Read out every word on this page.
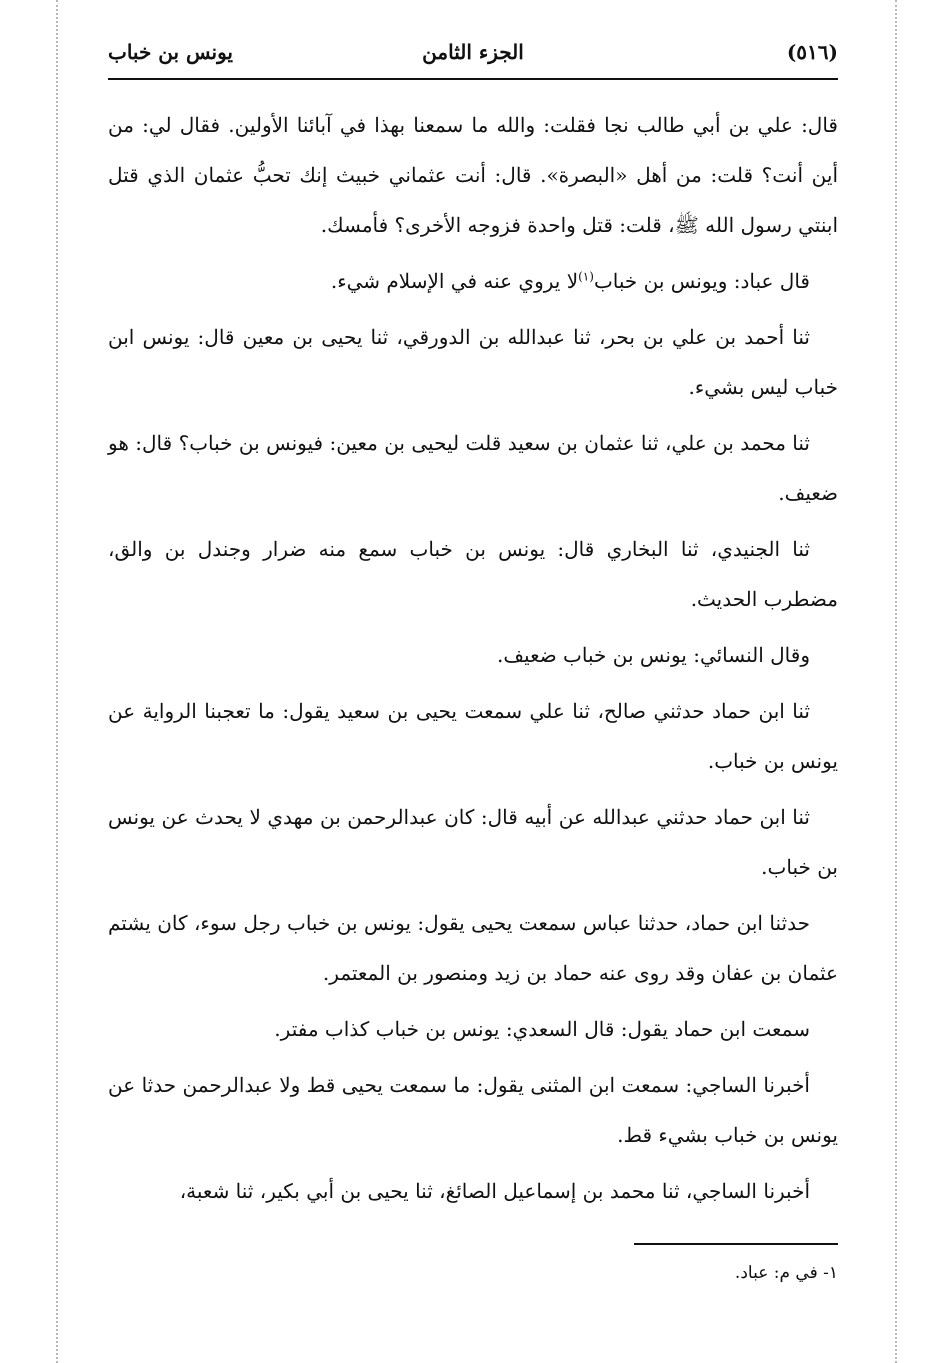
(٥١٦)
الجزء الثامن
يونس بن خباب

قال: علي بن أبي طالب نجا فقلت: والله ما سمعنا بهذا في آبائنا الأولين. فقال لي: من أين أنت؟ قلت: من أهل «البصرة». قال: أنت عثماني خبيث إنك تحبُّ عثمان الذي قتل ابنتي رسول الله ﷺ، قلت: قتل واحدة فزوجه الأخرى؟ فأمسك.

قال عباد: ويونس بن خباب$^{(١)}$لا يروي عنه في الإسلام شيء.

ثنا أحمد بن علي بن بحر، ثنا عبدالله بن الدورقي، ثنا يحيى بن معين قال: يونس ابن خباب ليس بشيء.

ثنا محمد بن علي، ثنا عثمان بن سعيد قلت ليحيى بن معين: فيونس بن خباب؟ قال: هو ضعيف.

ثنا الجنيدي، ثنا البخاري قال: يونس بن خباب سمع منه ضرار وجندل بن والق، مضطرب الحديث.

وقال النسائي: يونس بن خباب ضعيف.

ثنا ابن حماد حدثني صالح، ثنا علي سمعت يحيى بن سعيد يقول: ما تعجبنا الرواية عن يونس بن خباب.

ثنا ابن حماد حدثني عبدالله عن أبيه قال: كان عبدالرحمن بن مهدي لا يحدث عن يونس بن خباب.

حدثنا ابن حماد، حدثنا عباس سمعت يحيى يقول: يونس بن خباب رجل سوء، كان يشتم عثمان بن عفان وقد روى عنه حماد بن زيد ومنصور بن المعتمر.

سمعت ابن حماد يقول: قال السعدي: يونس بن خباب كذاب مفتر.

أخبرنا الساجي: سمعت ابن المثنى يقول: ما سمعت يحيى قط ولا عبدالرحمن حدثا عن يونس بن خباب بشيء قط.

أخبرنا الساجي، ثنا محمد بن إسماعيل الصائغ، ثنا يحيى بن أبي بكير، ثنا شعبة،

١- في م: عباد.
